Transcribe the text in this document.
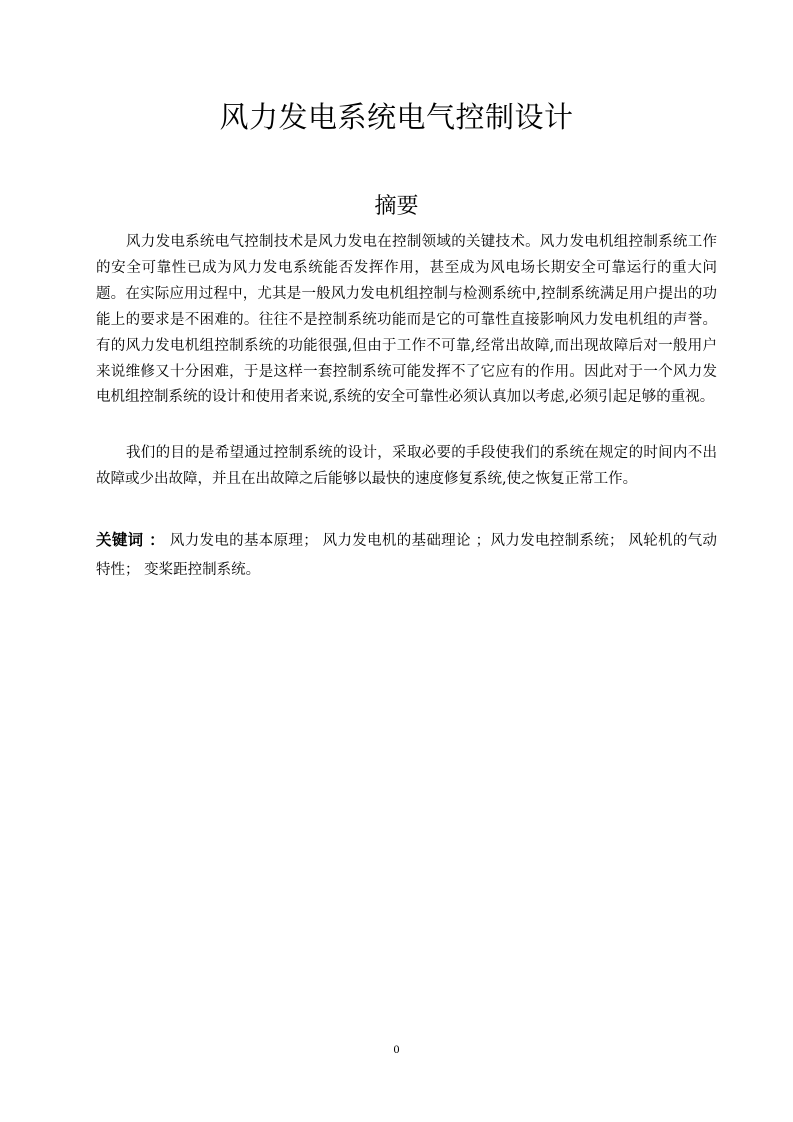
风力发电系统电气控制设计
摘要

风力发电系统电气控制技术是风力发电在控制领域的关键技术。风力发电机组控制系统工作的安全可靠性已成为风力发电系统能否发挥作用，甚至成为风电场长期安全可靠运行的重大问题。在实际应用过程中，尤其是一般风力发电机组控制与检测系统中,控制系统满足用户提出的功能上的要求是不困难的。往往不是控制系统功能而是它的可靠性直接影响风力发电机组的声誉。有的风力发电机组控制系统的功能很强,但由于工作不可靠,经常出故障,而出现故障后对一般用户来说维修又十分困难，于是这样一套控制系统可能发挥不了它应有的作用。因此对于一个风力发电机组控制系统的设计和使用者来说,系统的安全可靠性必须认真加以考虑,必须引起足够的重视。

我们的目的是希望通过控制系统的设计，采取必要的手段使我们的系统在规定的时间内不出故障或少出故障，并且在出故障之后能够以最快的速度修复系统,使之恢复正常工作。

关键词 ： 风力发电的基本原理； 风力发电机的基础理论 ；风力发电控制系统； 风轮机的气动特性； 变桨距控制系统。

0
